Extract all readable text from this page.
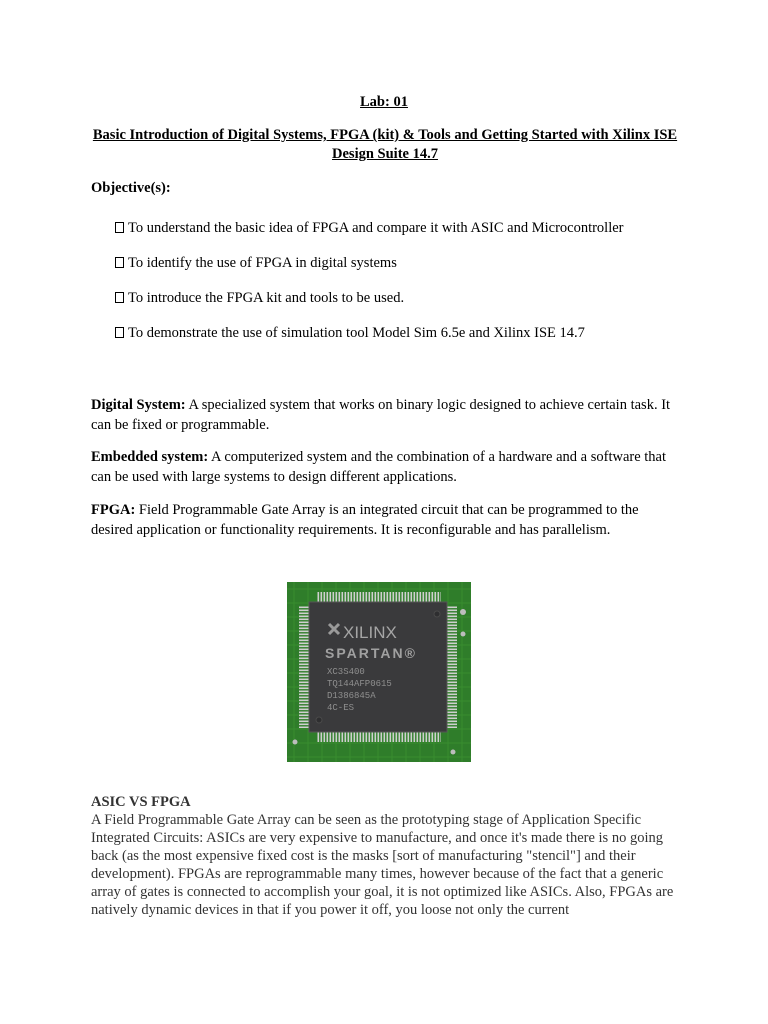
Lab: 01
Basic Introduction of Digital Systems, FPGA (kit) & Tools and Getting Started with Xilinx ISE Design Suite 14.7
Objective(s):
To understand the basic idea of FPGA and compare it with ASIC and Microcontroller
To identify the use of FPGA in digital systems
To introduce the FPGA kit and tools to be used.
To demonstrate the use of simulation tool Model Sim 6.5e and Xilinx ISE 14.7
Digital System: A specialized system that works on binary logic designed to achieve certain task. It can be fixed or programmable.
Embedded system: A computerized system and the combination of a hardware and a software that can be used with large systems to design different applications.
FPGA: Field Programmable Gate Array is an integrated circuit that can be programmed to the desired application or functionality requirements. It is reconfigurable and has parallelism.
XILINX
SPARTAN®
XC3S400
TQ144AFP0615
D1386845A
4C-ES
ASIC VS FPGA
A Field Programmable Gate Array can be seen as the prototyping stage of Application Specific Integrated Circuits: ASICs are very expensive to manufacture, and once it's made there is no going back (as the most expensive fixed cost is the masks [sort of manufacturing "stencil"] and their development). FPGAs are reprogrammable many times, however because of the fact that a generic array of gates is connected to accomplish your goal, it is not optimized like ASICs. Also, FPGAs are natively dynamic devices in that if you power it off, you loose not only the current
